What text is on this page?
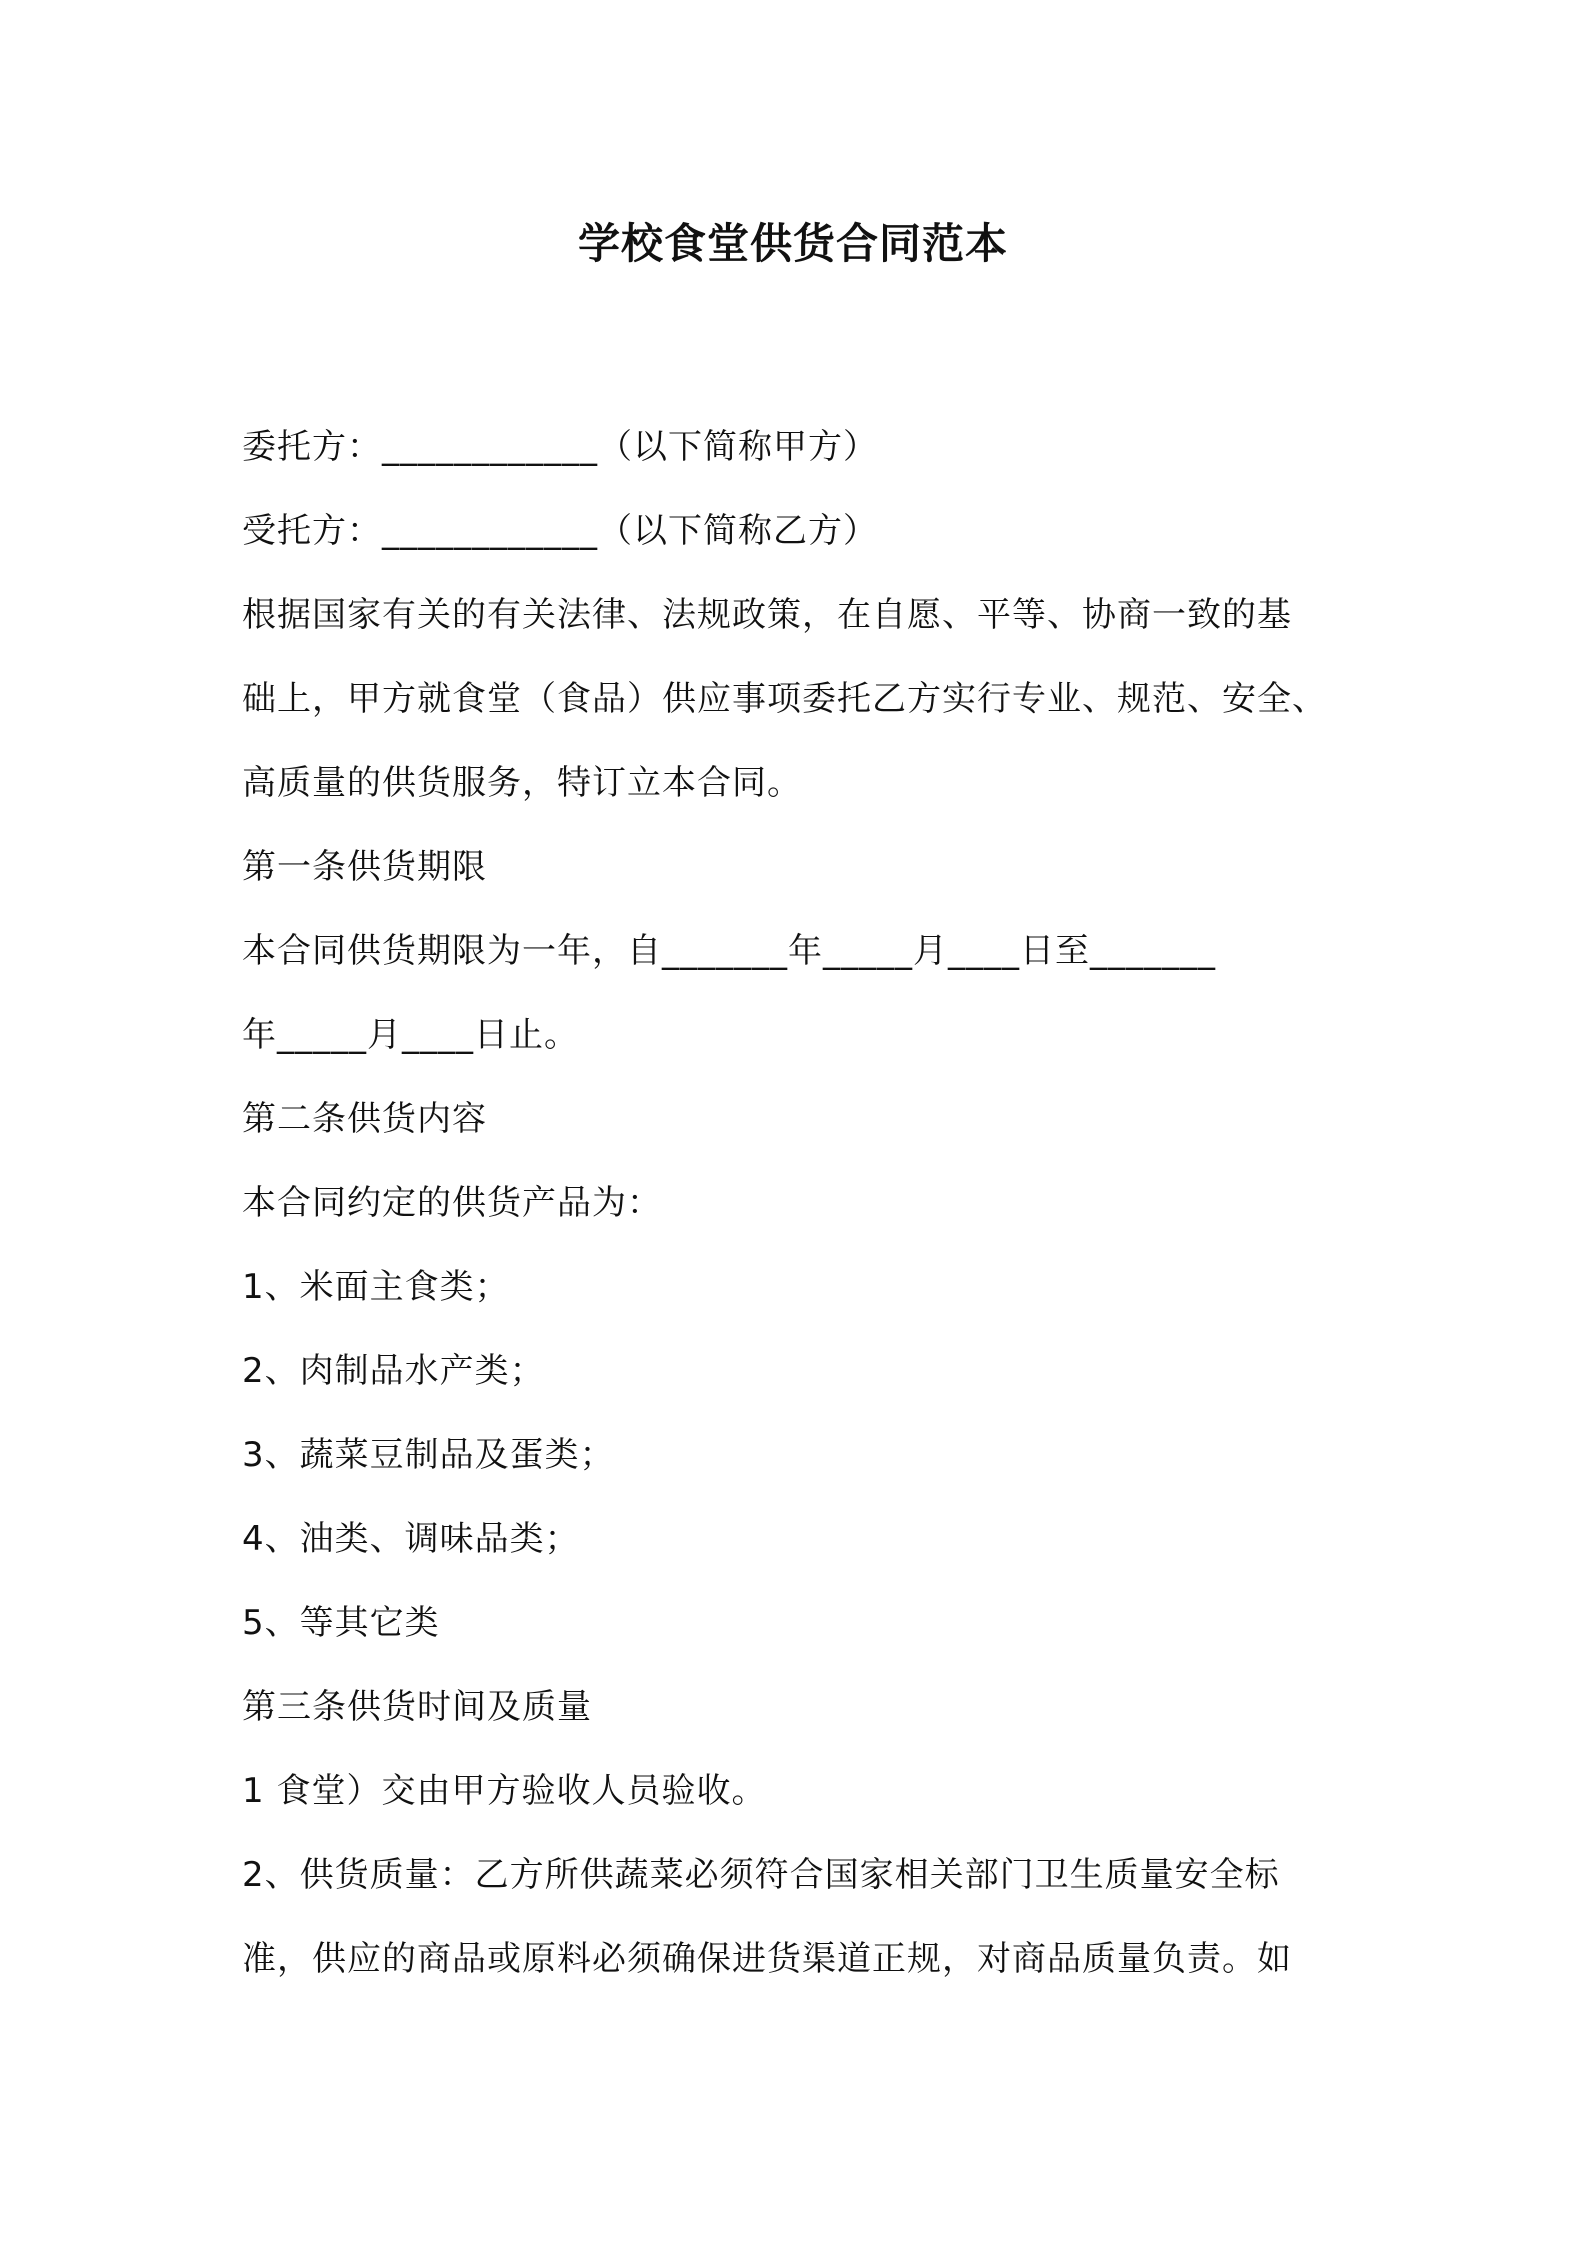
学校食堂供货合同范本
委托方：____________（以下简称甲方）
受托方：____________（以下简称乙方）
根据国家有关的有关法律、法规政策，在自愿、平等、协商一致的基
础上，甲方就食堂（食品）供应事项委托乙方实行专业、规范、安全、
高质量的供货服务，特订立本合同。
第一条供货期限
本合同供货期限为一年，自_______年_____月____日至_______
年_____月____日止。
第二条供货内容
本合同约定的供货产品为：
1、米面主食类；
2、肉制品水产类；
3、蔬菜豆制品及蛋类；
4、油类、调味品类；
5、等其它类
第三条供货时间及质量
1 食堂）交由甲方验收人员验收。
2、供货质量：乙方所供蔬菜必须符合国家相关部门卫生质量安全标
准，供应的商品或原料必须确保进货渠道正规，对商品质量负责。如
